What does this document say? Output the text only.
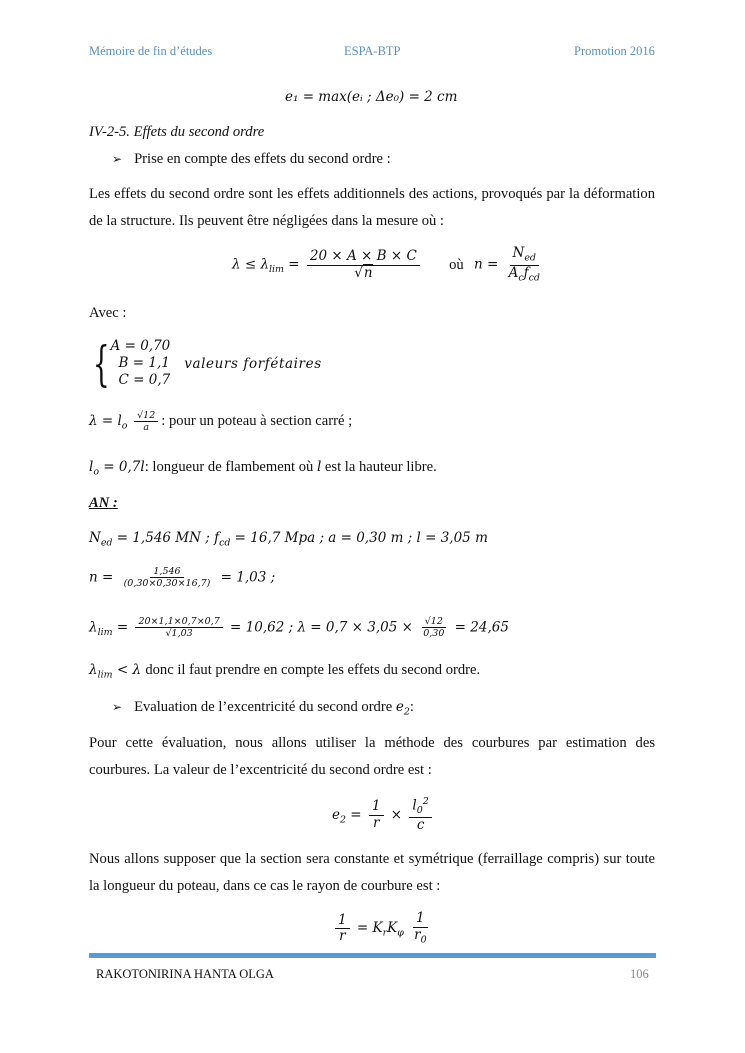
Mémoire de fin d’études	ESPA-BTP	Promotion 2016
e₁ = max(eᵢ ; Δe₀) = 2 cm
IV-2-5. Effets du second ordre
➢ Prise en compte des effets du second ordre :
Les effets du second ordre sont les effets additionnels des actions, provoqués par la déformation de la structure. Ils peuvent être négligées dans la mesure où :
$\lambda \le \lambda_{lim} = \frac{20 \times A \times B \times C}{√n}$ où $n = \frac{N_{ed}}{A_cf_{cd}}$
Avec :
{ A = 0,70
B = 1,1
C = 0,7
valeurs forfétaires
$\lambda = l_o \frac{√12}{a}$ : pour un poteau à section carré ;
$l_o = 0,7l$: longueur de flambement où l est la hauteur libre.
AN :
$N_{ed} = 1,546$ MN ; $f_{cd} = 16,7$ Mpa ; a = 0,30 m ; l = 3,05 m
$n = \frac{1,546}{(0,30\times 0,30\times 16,7)} = 1,03$ ;
$\lambda_{lim} = \frac{20\times 1,1\times 0,7\times 0,7}{√1,03} = 10,62$ ; $\lambda = 0,7 \times 3,05 \times \frac{√12}{0,30} = 24,65$
$\lambda_{lim} < \lambda$ donc il faut prendre en compte les effets du second ordre.
➢ Evaluation de l’excentricité du second ordre $e_2$:
Pour cette évaluation, nous allons utiliser la méthode des courbures par estimation des courbures. La valeur de l’excentricité du second ordre est :
$e_2 = \frac{1}{r} \times \frac{l_0^2}{c}$
Nous allons supposer que la section sera constante et symétrique (ferraillage compris) sur toute la longueur du poteau, dans ce cas le rayon de courbure est :
$\frac{1}{r} = K_rK_\varphi \frac{1}{r_0}$
RAKOTONIRINA HANTA OLGA	106
